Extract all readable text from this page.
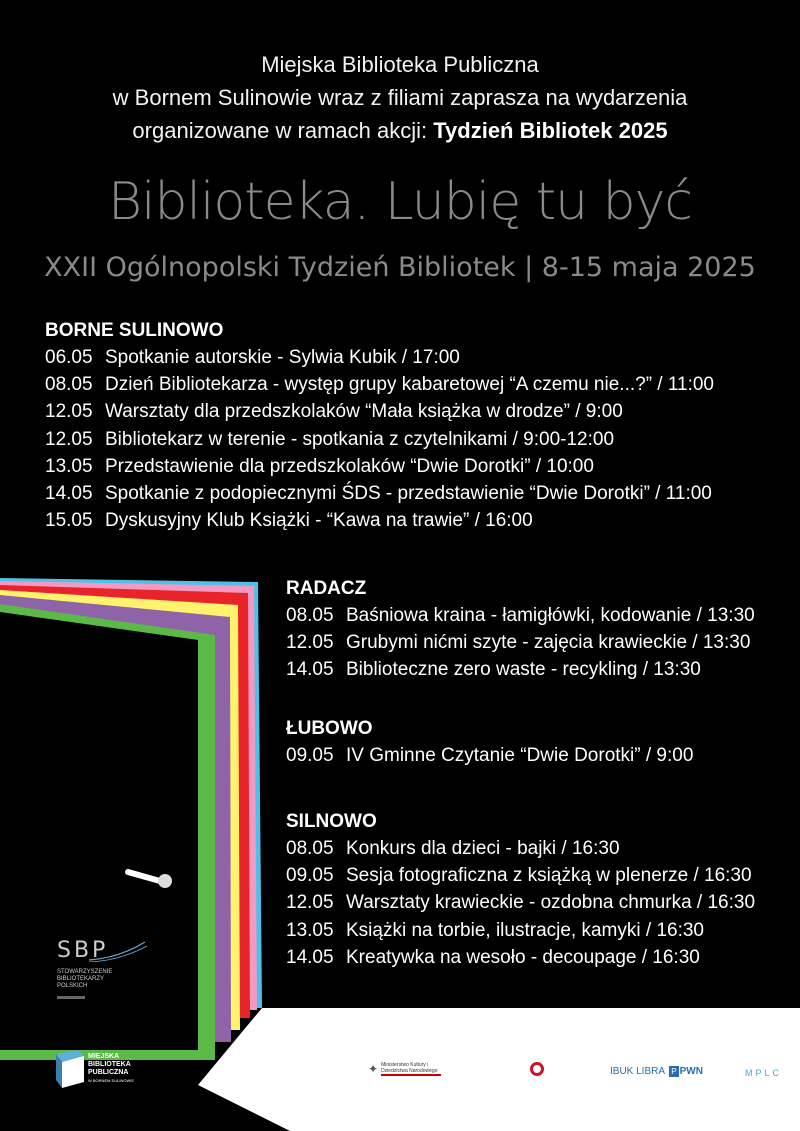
Miejska Biblioteka Publiczna
w Bornem Sulinowie wraz z filiami zaprasza na wydarzenia
organizowane w ramach akcji: Tydzień Bibliotek 2025
Biblioteka. Lubię tu być
XXII Ogólnopolski Tydzień Bibliotek | 8-15 maja 2025
BORNE SULINOWO
06.05 Spotkanie autorskie - Sylwia Kubik / 17:00
08.05 Dzień Bibliotekarza - występ grupy kabaretowej “A czemu nie...?” / 11:00
12.05 Warsztaty dla przedszkolaków “Mała książka w drodze” / 9:00
12.05 Bibliotekarz w terenie - spotkania z czytelnikami / 9:00-12:00
13.05 Przedstawienie dla przedszkolaków “Dwie Dorotki” / 10:00
14.05 Spotkanie z podopiecznymi ŚDS - przedstawienie “Dwie Dorotki” / 11:00
15.05 Dyskusyjny Klub Książki - “Kawa na trawie” / 16:00
RADACZ
08.05 Baśniowa kraina - łamigłówki, kodowanie / 13:30
12.05 Grubymi nićmi szyte - zajęcia krawieckie / 13:30
14.05 Biblioteczne zero waste - recykling / 13:30
ŁUBOWO
09.05 IV Gminne Czytanie “Dwie Dorotki” / 9:00
SILNOWO
08.05 Konkurs dla dzieci - bajki / 16:30
09.05 Sesja fotograficzna z książką w plenerze / 16:30
12.05 Warsztaty krawieckie - ozdobna chmurka / 16:30
13.05 Książki na torbie, ilustracje, kamyki / 16:30
14.05 Kreatywka na wesoło - decoupage / 16:30
SBP
STOWARZYSZENIE
BIBLIOTEKARZY
POLSKICH
MIEJSKA
BIBLIOTEKA
PUBLICZNA
W BORNEM SULINOWIE
✦ Ministerstwo Kultury i Dziedzictwa Narodowego	IBUK LIBRA P PWN	MPLC
